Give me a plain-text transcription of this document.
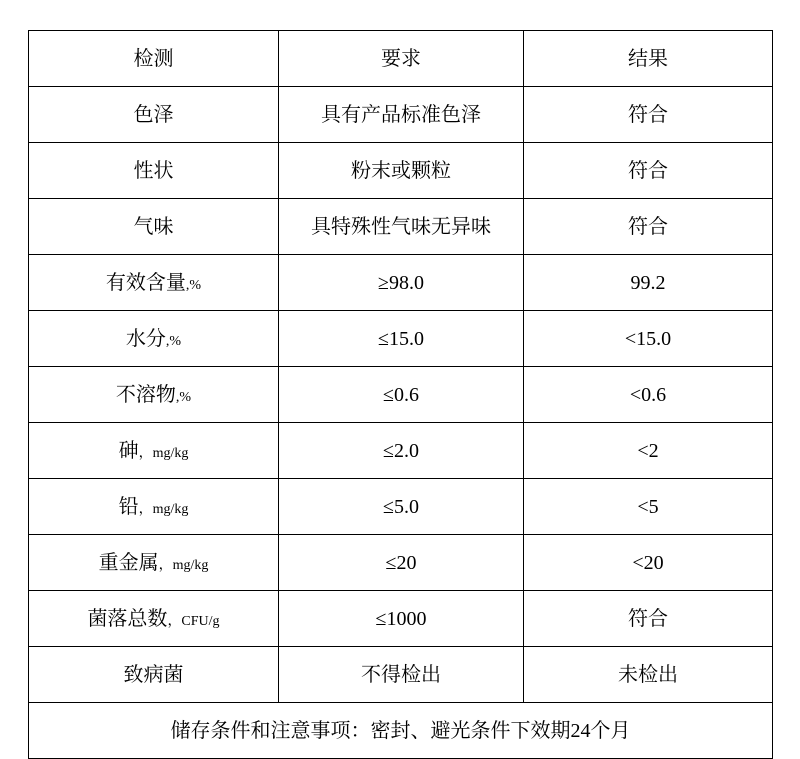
检测	要求	结果
色泽	具有产品标准色泽	符合
性状	粉末或颗粒	符合
气味	具特殊性气味无异味	符合
有效含量,%	≥98.0	99.2
水分,%	≤15.0	<15.0
不溶物,%	≤0.6	<0.6
砷，mg/kg	≤2.0	<2
铅，mg/kg	≤5.0	<5
重金属，mg/kg	≤20	<20
菌落总数，CFU/g	≤1000	符合
致病菌	不得检出	未检出
储存条件和注意事项：密封、避光条件下效期24个月		
